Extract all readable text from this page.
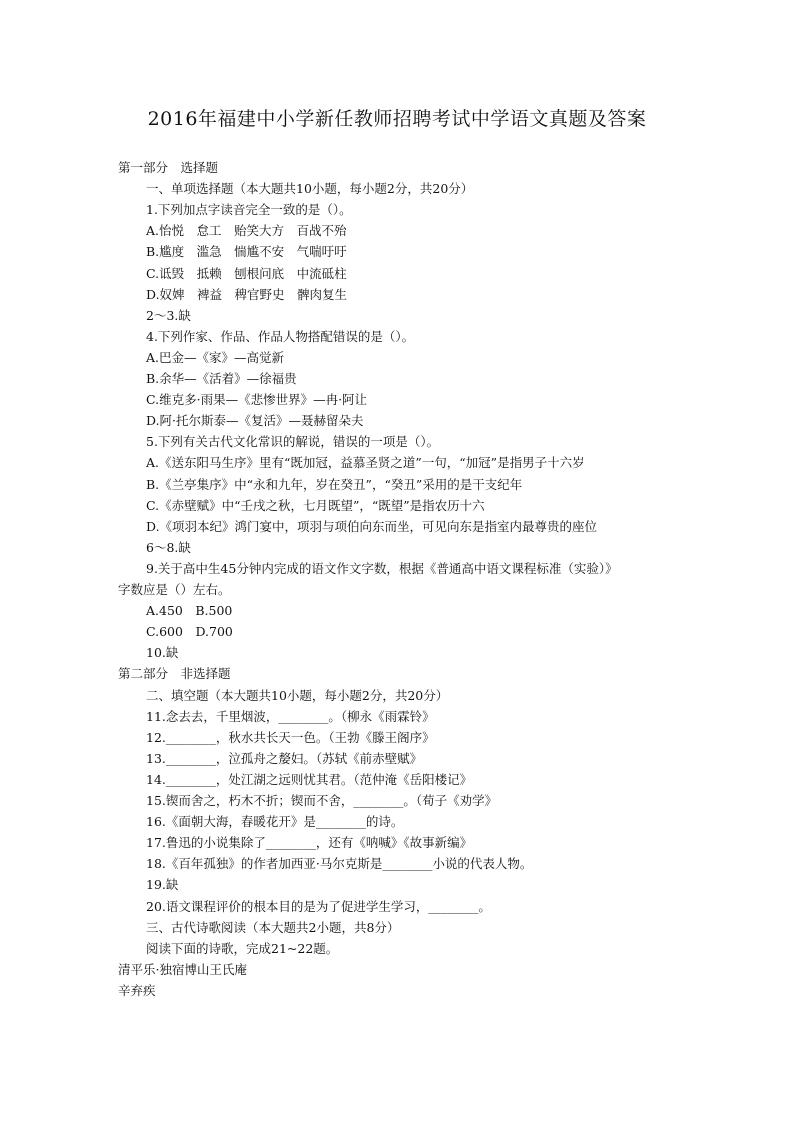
2016年福建中小学新任教师招聘考试中学语文真题及答案
第一部分　选择题
一、单项选择题（本大题共10小题，每小题2分，共20分）
1.下列加点字读音完全一致的是（）。
A.怡悦　怠工　贻笑大方　百战不殆
B.尴度　滥急　惴尴不安　气喘吁吁
C.诋毁　抵赖　刨根问底　中流砥柱
D.奴婢　裨益　稗官野史　髀肉复生
2～3.缺
4.下列作家、作品、作品人物搭配错误的是（）。
A.巴金—《家》—高觉新
B.余华—《活着》—徐福贵
C.维克多·雨果—《悲惨世界》—冉·阿让
D.阿·托尔斯泰—《复活》—聂赫留朵夫
5.下列有关古代文化常识的解说，错误的一项是（）。
A.《送东阳马生序》里有“既加冠，益慕圣贤之道”一句，“加冠”是指男子十六岁
B.《兰亭集序》中“永和九年，岁在癸丑”，“癸丑”采用的是干支纪年
C.《赤壁赋》中“壬戌之秋，七月既望”，“既望”是指农历十六
D.《项羽本纪》鸿门宴中，项羽与项伯向东而坐，可见向东是指室内最尊贵的座位
6～8.缺
9.关于高中生45分钟内完成的语文作文字数，根据《普通高中语文课程标准（实验）》
字数应是（）左右。
A.450　B.500
C.600　D.700
10.缺
第二部分　非选择题
二、填空题（本大题共10小题，每小题2分，共20分）
11.念去去，千里烟波，________。（柳永《雨霖铃》
12.________，秋水共长天一色。（王勃《滕王阁序》
13.________，泣孤舟之嫠妇。（苏轼《前赤壁赋》
14.________，处江湖之远则忧其君。（范仲淹《岳阳楼记》
15.锲而舍之，朽木不折；锲而不舍，________。（荀子《劝学》
16.《面朝大海，春暖花开》是________的诗。
17.鲁迅的小说集除了________，还有《呐喊》《故事新编》
18.《百年孤独》的作者加西亚·马尔克斯是________小说的代表人物。
19.缺
20.语文课程评价的根本目的是为了促进学生学习，________。
三、古代诗歌阅读（本大题共2小题，共8分）
阅读下面的诗歌，完成21~22题。
清平乐·独宿博山王氏庵
辛弃疾
